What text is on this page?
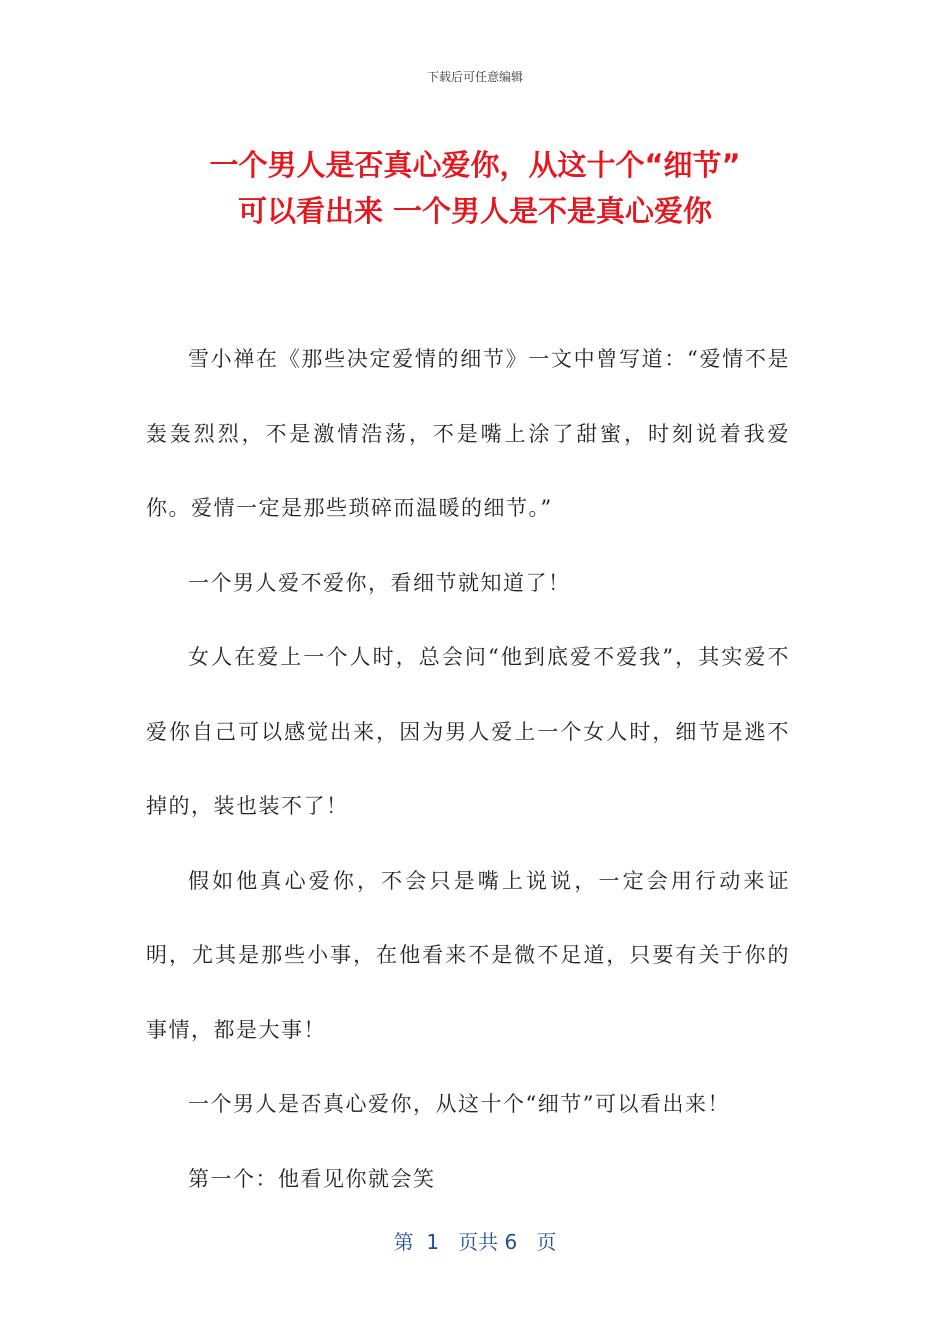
下载后可任意编辑
一个男人是否真心爱你，从这十个“细节”
可以看出来 一个男人是不是真心爱你

雪小禅在《那些决定爱情的细节》一文中曾写道：“爱情不是轰轰烈烈，不是激情浩荡，不是嘴上涂了甜蜜，时刻说着我爱你。爱情一定是那些琐碎而温暖的细节。”

一个男人爱不爱你，看细节就知道了！

女人在爱上一个人时，总会问“他到底爱不爱我”，其实爱不爱你自己可以感觉出来，因为男人爱上一个女人时，细节是逃不掉的，装也装不了！

假如他真心爱你，不会只是嘴上说说，一定会用行动来证明，尤其是那些小事，在他看来不是微不足道，只要有关于你的事情，都是大事！

一个男人是否真心爱你，从这十个“细节”可以看出来！

第一个：他看见你就会笑

第  1   页共 6   页
